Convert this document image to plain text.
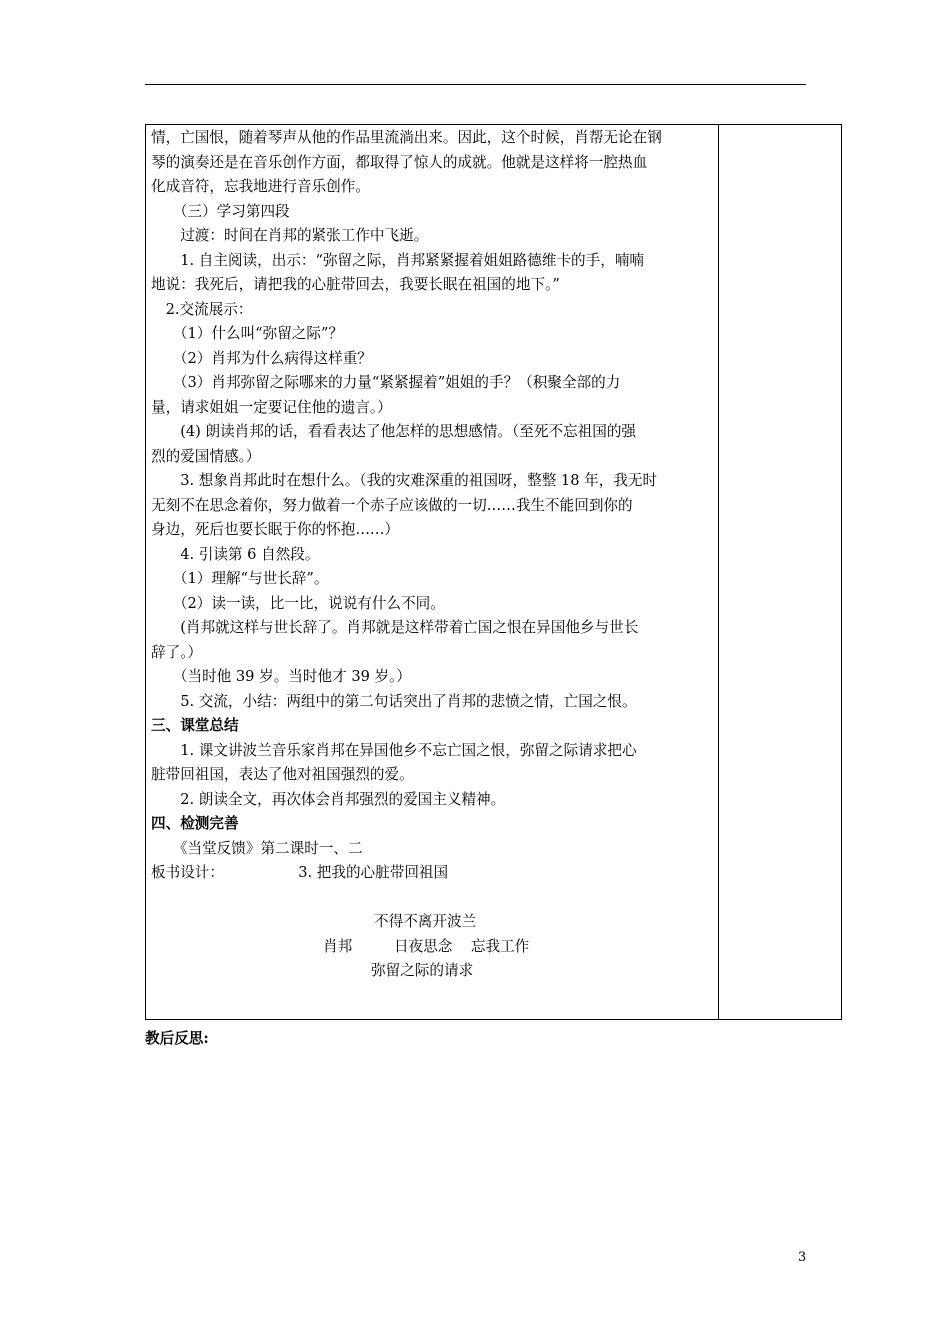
情，亡国恨，随着琴声从他的作品里流淌出来。因此，这个时候，肖帮无论在钢
琴的演奏还是在音乐创作方面，都取得了惊人的成就。他就是这样将一腔热血
化成音符，忘我地进行音乐创作。
　　（三）学习第四段
　　过渡：时间在肖邦的紧张工作中飞逝。
　　1. 自主阅读，出示：“弥留之际，肖邦紧紧握着姐姐路德维卡的手，喃喃
地说：我死后，请把我的心脏带回去，我要长眠在祖国的地下。”
　2.交流展示：
　　（1）什么叫“弥留之际”？
　　（2）肖邦为什么病得这样重？
　　（3）肖邦弥留之际哪来的力量“紧紧握着”姐姐的手？（积聚全部的力
量，请求姐姐一定要记住他的遗言。）
　　(4) 朗读肖邦的话，看看表达了他怎样的思想感情。（至死不忘祖国的强
烈的爱国情感。）
　　3. 想象肖邦此时在想什么。（我的灾难深重的祖国呀，整整 18 年，我无时
无刻不在思念着你，努力做着一个赤子应该做的一切……我生不能回到你的
身边，死后也要长眠于你的怀抱……）
　　4. 引读第 6 自然段。
　　（1）理解“与世长辞”。
　　（2）读一读，比一比，说说有什么不同。
　　(肖邦就这样与世长辞了。肖邦就是这样带着亡国之恨在异国他乡与世长
辞了。）
　　（当时他 39 岁。当时他才 39 岁。）
　　5. 交流，小结：两组中的第二句话突出了肖邦的悲愤之情，亡国之恨。
三、课堂总结
　　1. 课文讲波兰音乐家肖邦在异国他乡不忘亡国之恨，弥留之际请求把心
脏带回祖国，表达了他对祖国强烈的爱。
　　2. 朗读全文，再次体会肖邦强烈的爱国主义精神。
四、检测完善
　　《当堂反馈》第二课时一、二
板书设计：                3. 把我的心脏带回祖国
不得不离开波兰
肖邦         日夜思念    忘我工作
弥留之际的请求
教后反思:
3
